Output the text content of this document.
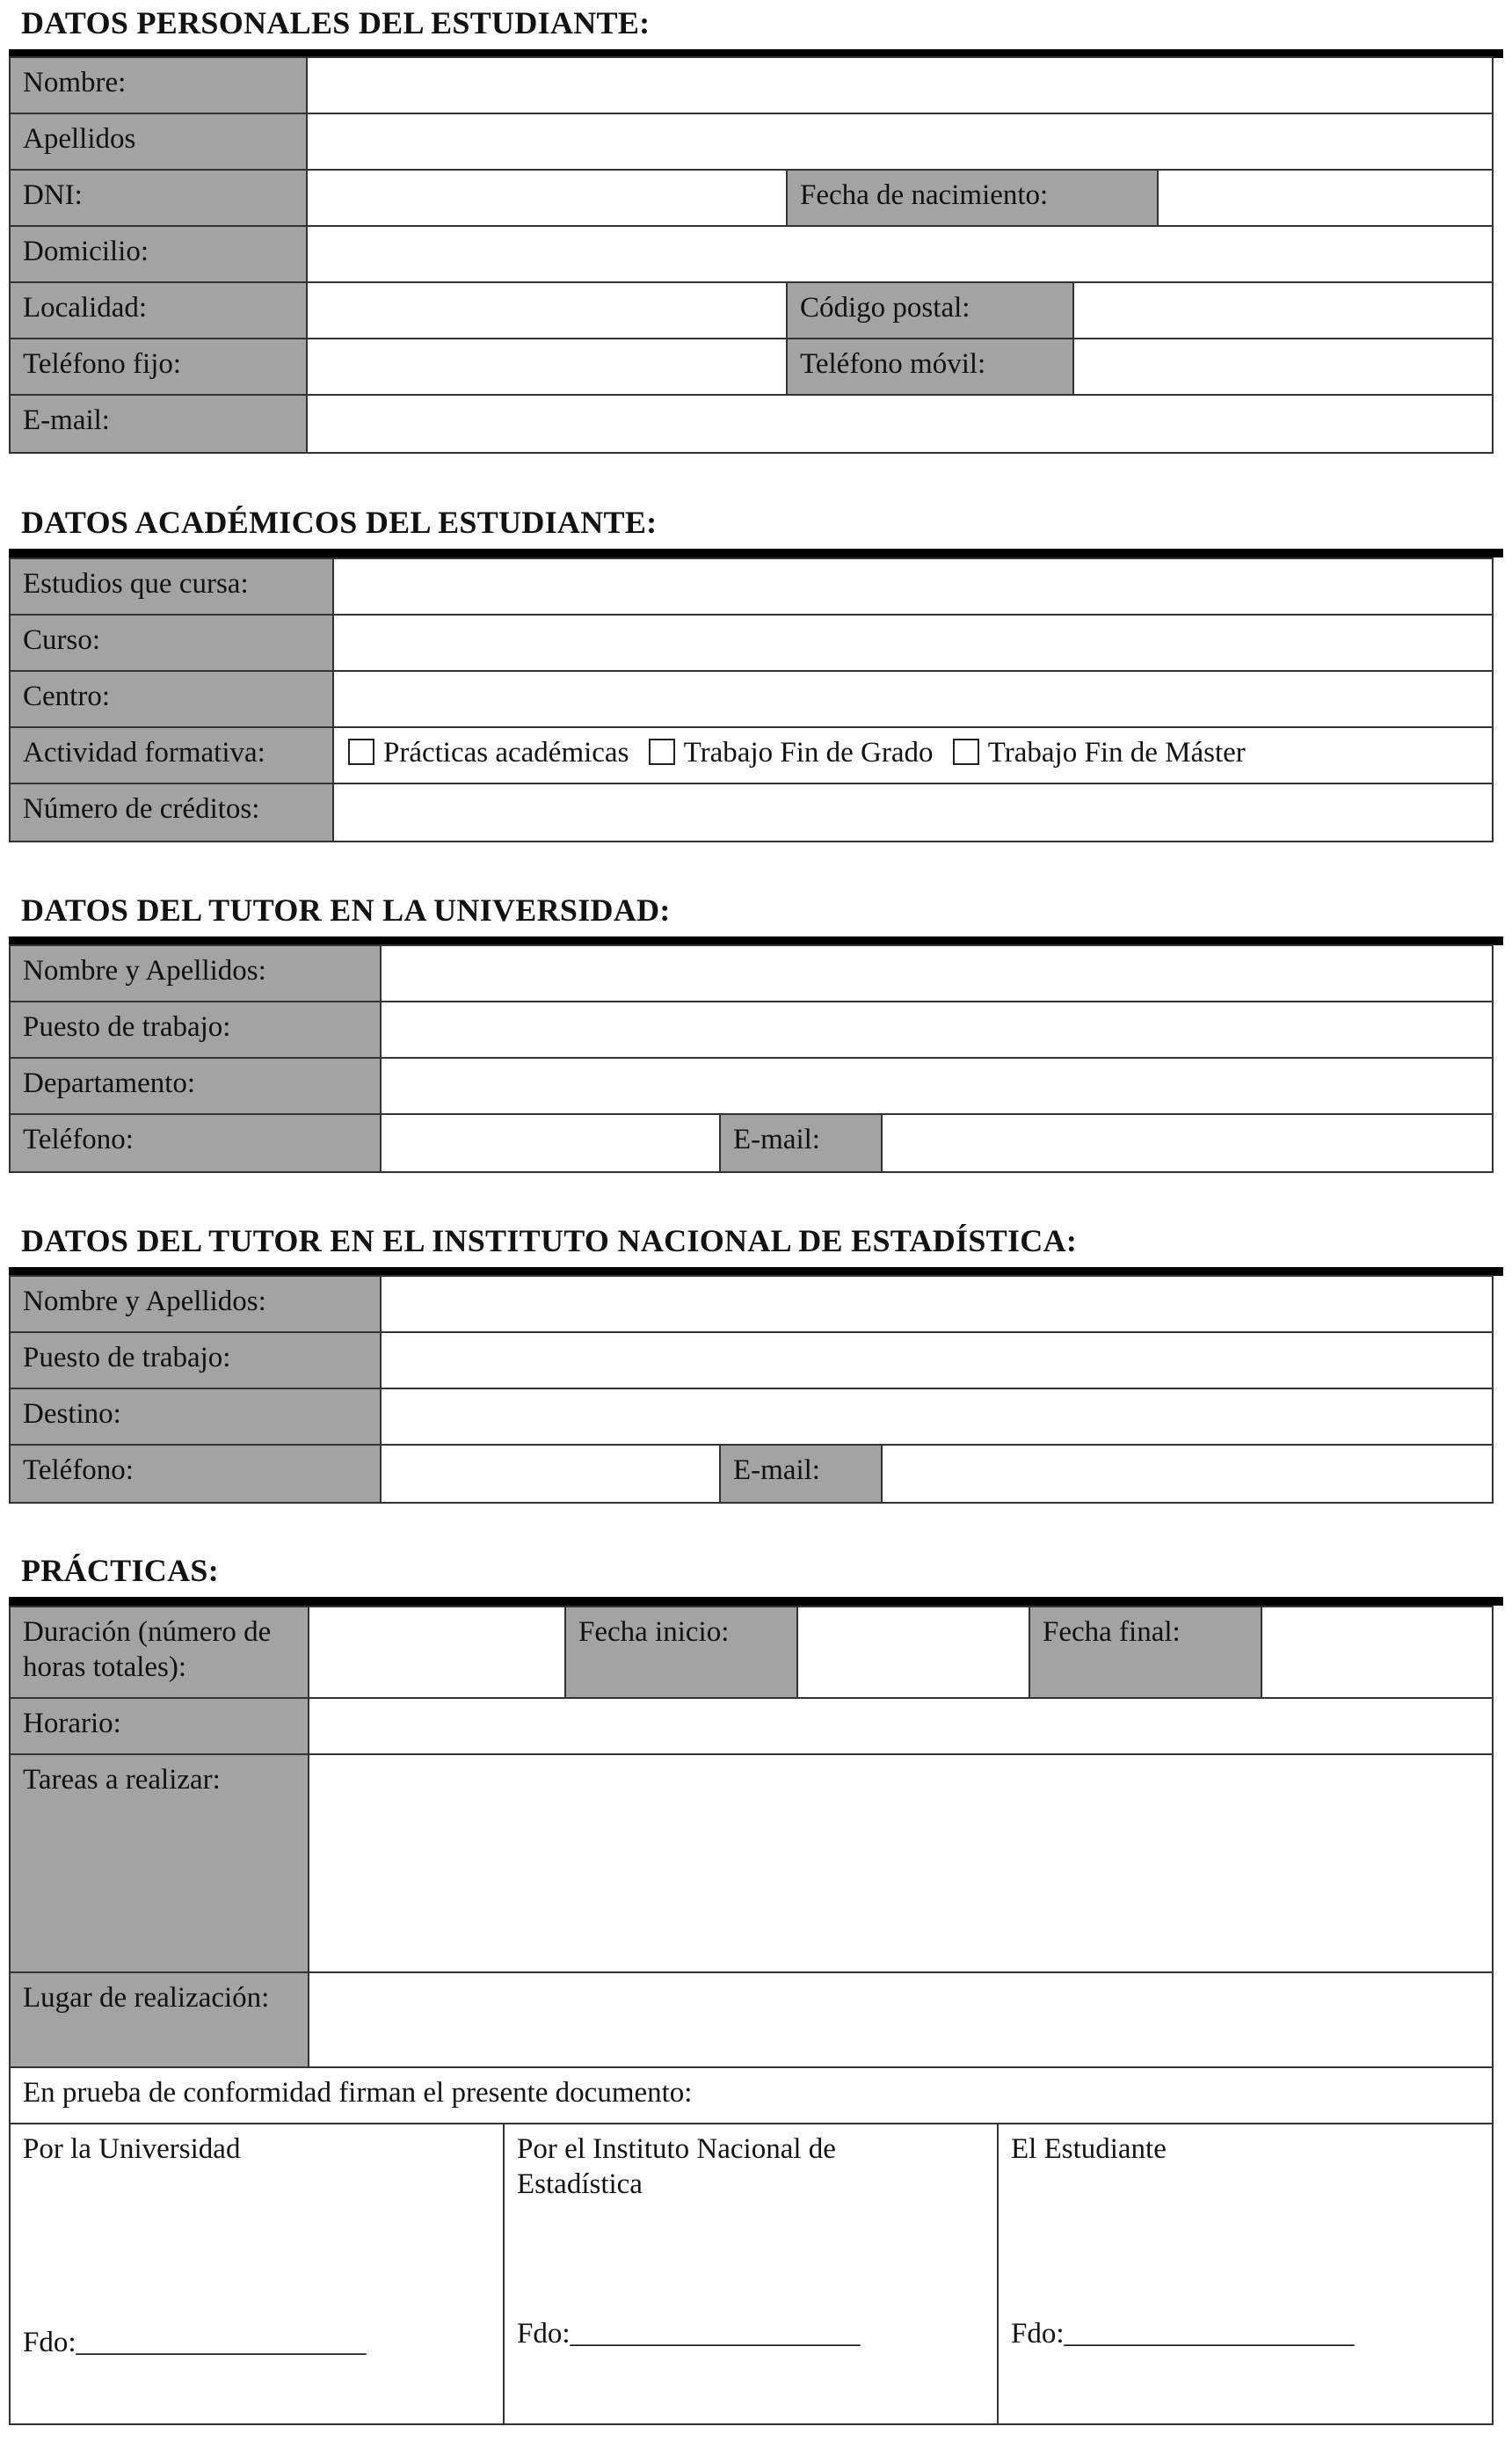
DATOS PERSONALES DEL ESTUDIANTE:
Nombre:
Apellidos
DNI:	Fecha de nacimiento:
Domicilio:
Localidad:	Código postal:
Teléfono fijo:	Teléfono móvil:
E-mail:
DATOS ACADÉMICOS DEL ESTUDIANTE:
Estudios que cursa:
Curso:
Centro:
Actividad formativa:	Prácticas académicas Trabajo Fin de Grado Trabajo Fin de Máster
Número de créditos:
DATOS DEL TUTOR EN LA UNIVERSIDAD:
Nombre y Apellidos:
Puesto de trabajo:
Departamento:
Teléfono:	E-mail:
DATOS DEL TUTOR EN EL INSTITUTO NACIONAL DE ESTADÍSTICA:
Nombre y Apellidos:
Puesto de trabajo:
Destino:
Teléfono:	E-mail:
PRÁCTICAS:
Duración (número de horas totales):
Fecha inicio:	Fecha final:
Horario:
Tareas a realizar:
Lugar de realización:
En prueba de conformidad firman el presente documento:
Por la Universidad
Fdo:____________________
Por el Instituto Nacional de Estadística
Fdo:____________________
El Estudiante
Fdo:____________________
